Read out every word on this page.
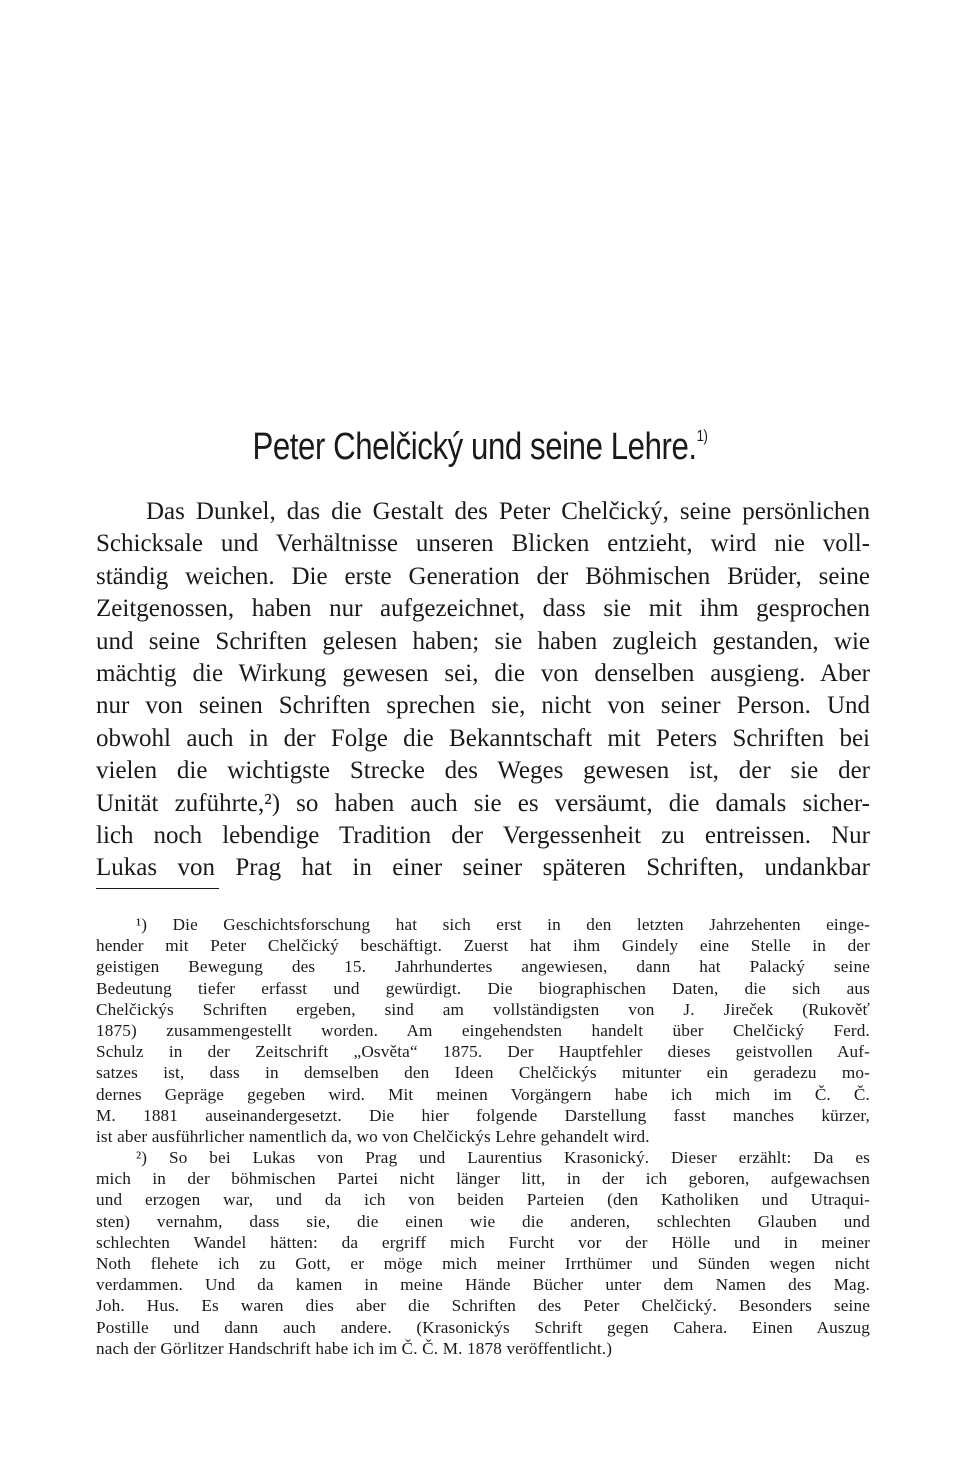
Peter Chelčický und seine Lehre.$^{1)}$
Das Dunkel, das die Gestalt des Peter Chelčický, seine persönlichen
Schicksale und Verhältnisse unseren Blicken entzieht, wird nie voll-
ständig weichen. Die erste Generation der Böhmischen Brüder, seine
Zeitgenossen, haben nur aufgezeichnet, dass sie mit ihm gesprochen
und seine Schriften gelesen haben; sie haben zugleich gestanden, wie
mächtig die Wirkung gewesen sei, die von denselben ausgieng. Aber
nur von seinen Schriften sprechen sie, nicht von seiner Person. Und
obwohl auch in der Folge die Bekanntschaft mit Peters Schriften bei
vielen die wichtigste Strecke des Weges gewesen ist, der sie der
Unität zuführte,²) so haben auch sie es versäumt, die damals sicher-
lich noch lebendige Tradition der Vergessenheit zu entreissen. Nur
Lukas von Prag hat in einer seiner späteren Schriften, undankbar
¹) Die Geschichtsforschung hat sich erst in den letzten Jahrzehenten einge-
hender mit Peter Chelčický beschäftigt. Zuerst hat ihm Gindely eine Stelle in der
geistigen Bewegung des 15. Jahrhundertes angewiesen, dann hat Palacký seine
Bedeutung tiefer erfasst und gewürdigt. Die biographischen Daten, die sich aus
Chelčickýs Schriften ergeben, sind am vollständigsten von J. Jireček (Rukověť
1875) zusammengestellt worden. Am eingehendsten handelt über Chelčický Ferd.
Schulz in der Zeitschrift „Osvěta“ 1875. Der Hauptfehler dieses geistvollen Auf-
satzes ist, dass in demselben den Ideen Chelčickýs mitunter ein geradezu mo-
dernes Gepräge gegeben wird. Mit meinen Vorgängern habe ich mich im Č. Č.
M. 1881 auseinandergesetzt. Die hier folgende Darstellung fasst manches kürzer,
ist aber ausführlicher namentlich da, wo von Chelčickýs Lehre gehandelt wird.
²) So bei Lukas von Prag und Laurentius Krasonický. Dieser erzählt: Da es
mich in der böhmischen Partei nicht länger litt, in der ich geboren, aufgewachsen
und erzogen war, und da ich von beiden Parteien (den Katholiken und Utraqui-
sten) vernahm, dass sie, die einen wie die anderen, schlechten Glauben und
schlechten Wandel hätten: da ergriff mich Furcht vor der Hölle und in meiner
Noth flehete ich zu Gott, er möge mich meiner Irrthümer und Sünden wegen nicht
verdammen. Und da kamen in meine Hände Bücher unter dem Namen des Mag.
Joh. Hus. Es waren dies aber die Schriften des Peter Chelčický. Besonders seine
Postille und dann auch andere. (Krasonickýs Schrift gegen Cahera. Einen Auszug
nach der Görlitzer Handschrift habe ich im Č. Č. M. 1878 veröffentlicht.)
